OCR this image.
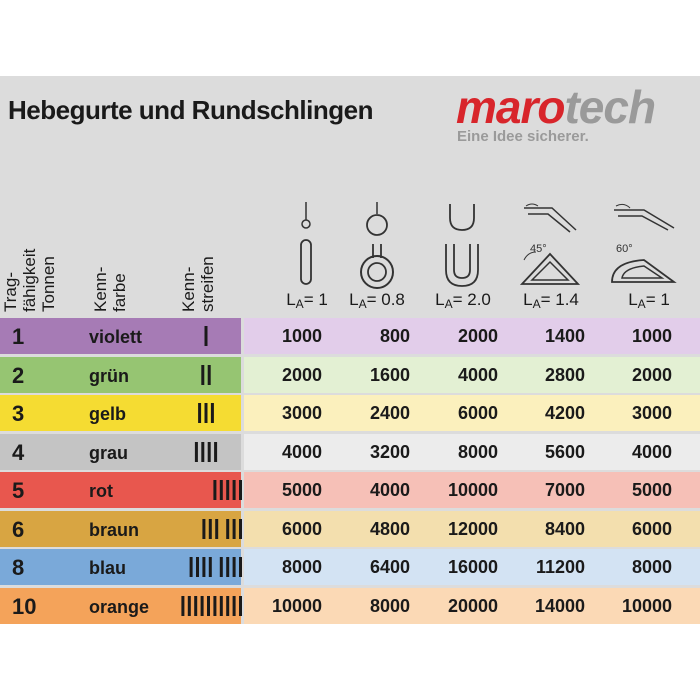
Hebegurte und Rundschlingen marotech
Eine Idee sicherer.
Trag- fähigkeit Tonnen Kenn- farbe	Kenn- streifen
45°	60°
$L_A= 1$	$L_A= 0.8$	$L_A= 2.0$	$L_A= 1.4$	$L_A= 1$
1	violett	1000	800	2000	1400	1000
2	grün	2000	1600	4000	2800	2000
3	gelb	3000	2400	6000	4200	3000
4	grau	4000	3200	8000	5600	4000
5	rot	5000	4000	10000	7000	5000
6	braun	6000	4800	12000	8400	6000
8	blau	8000	6400	16000	11200	8000
10	orange	10000	8000	20000	14000	10000
